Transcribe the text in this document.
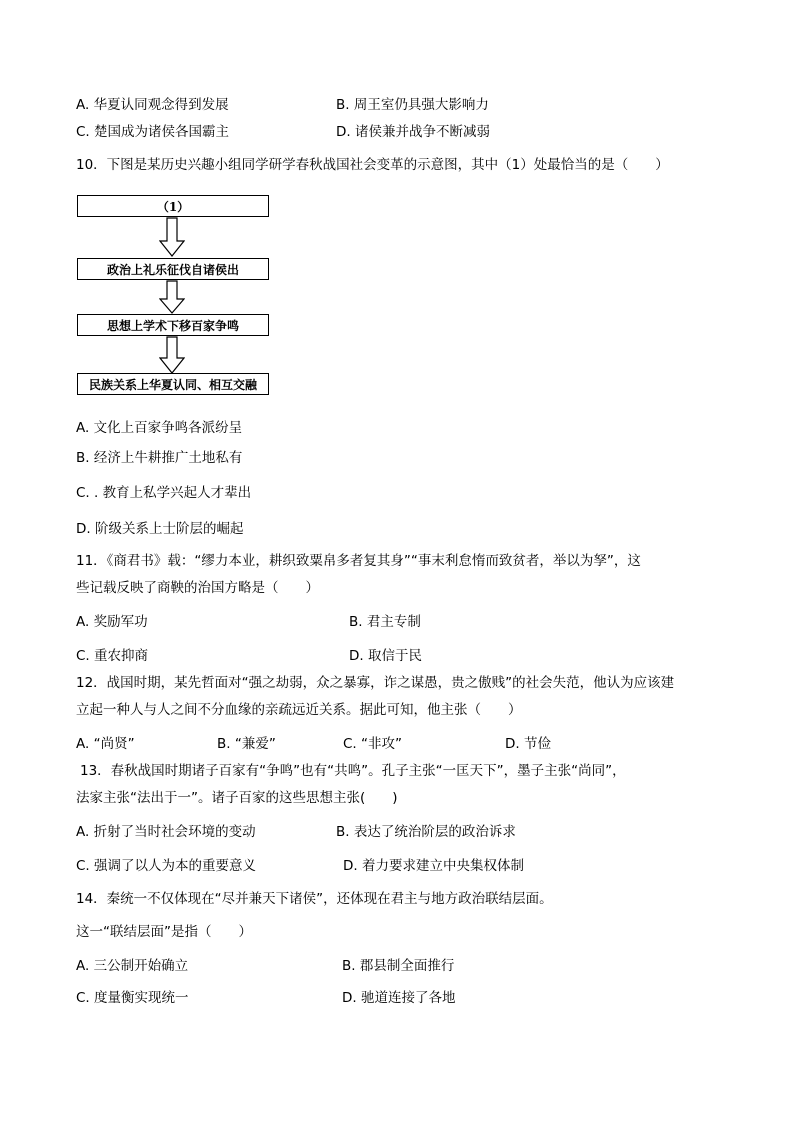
A. 华夏认同观念得到发展	B. 周王室仍具强大影响力
C. 楚国成为诸侯各国霸主	D. 诸侯兼并战争不断减弱
10．下图是某历史兴趣小组同学研学春秋战国社会变革的示意图，其中（1）处最恰当的是（　　）
（1）
政治上礼乐征伐自诸侯出
思想上学术下移百家争鸣
民族关系上华夏认同、相互交融
A. 文化上百家争鸣各派纷呈
B. 经济上牛耕推广土地私有
C. . 教育上私学兴起人才辈出
D. 阶级关系上士阶层的崛起
11．《商君书》载：“缪力本业，耕织致粟帛多者复其身”“事末利怠惰而致贫者，举以为孥”，这
些记载反映了商鞅的治国方略是（　　）
A. 奖励军功	B. 君主专制
C. 重农抑商	D. 取信于民
12．战国时期，某先哲面对“强之劫弱，众之暴寡，诈之谋愚，贵之傲贱”的社会失范，他认为应该建
立起一种人与人之间不分血缘的亲疏远近关系。据此可知，他主张（　　）
A. “尚贤”	B. “兼爱”	C. “非攻”	D. 节俭
13．春秋战国时期诸子百家有“争鸣”也有“共鸣”。孔子主张“一匡天下”，墨子主张“尚同”，
法家主张“法出于一”。诸子百家的这些思想主张(　　)
A. 折射了当时社会环境的变动	B. 表达了统治阶层的政治诉求
C. 强调了以人为本的重要意义	D. 着力要求建立中央集权体制
14．秦统一不仅体现在“尽并兼天下诸侯”，还体现在君主与地方政治联结层面。
这一“联结层面”是指（　　）
A. 三公制开始确立	B. 郡县制全面推行
C. 度量衡实现统一	D. 驰道连接了各地
